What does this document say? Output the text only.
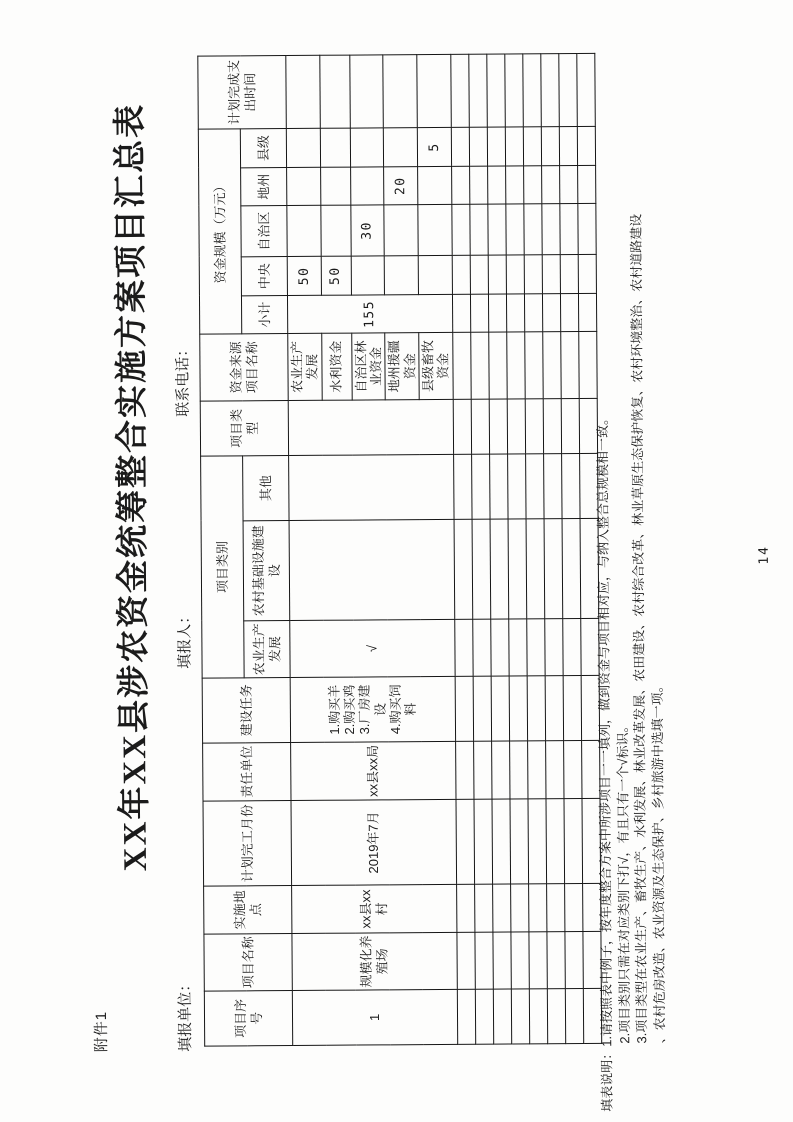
附件1
XX年XX县涉农资金统筹整合实施方案项目汇总表
填报单位：
填报人：
联系电话：
项目序号	项目名称	实施地点	计划完工月份	责任单位	建设任务	项目类别			项目类型	资金来源项目名称	资金规模（万元）					计划完成支出时间
						农业生产发展	农村基础设施建设	其他			小计	中央	自治区	地州	县级	
1	规模化养殖场	xx县xx村	2019年7月	xx县xx局	1.购买羊 2.购买鸡 3.厂房建设 4.购买饲料	√				农业生产发展	155	50				
										水利资金		50				
										自治区林业资金			30			
										地州援疆资金				20		
										县级畜牧资金					5	

填表说明：1.请按照表中例子，按年度整合方案中所涉项目一一填列，做到资金与项目相对应，与纳入整合总规模相一致。 2.项目类别只需在对应类别下打√，有且只有一个√标识。
3.项目类型在农业生产、畜牧生产、水利发展、林业改革发展、农田建设、农村综合改革、林业草原生态保护恢复、农村环境整治、农村道路建设 、农村危房改造、农业资源及生态保护、乡村旅游中选填一项。
14
